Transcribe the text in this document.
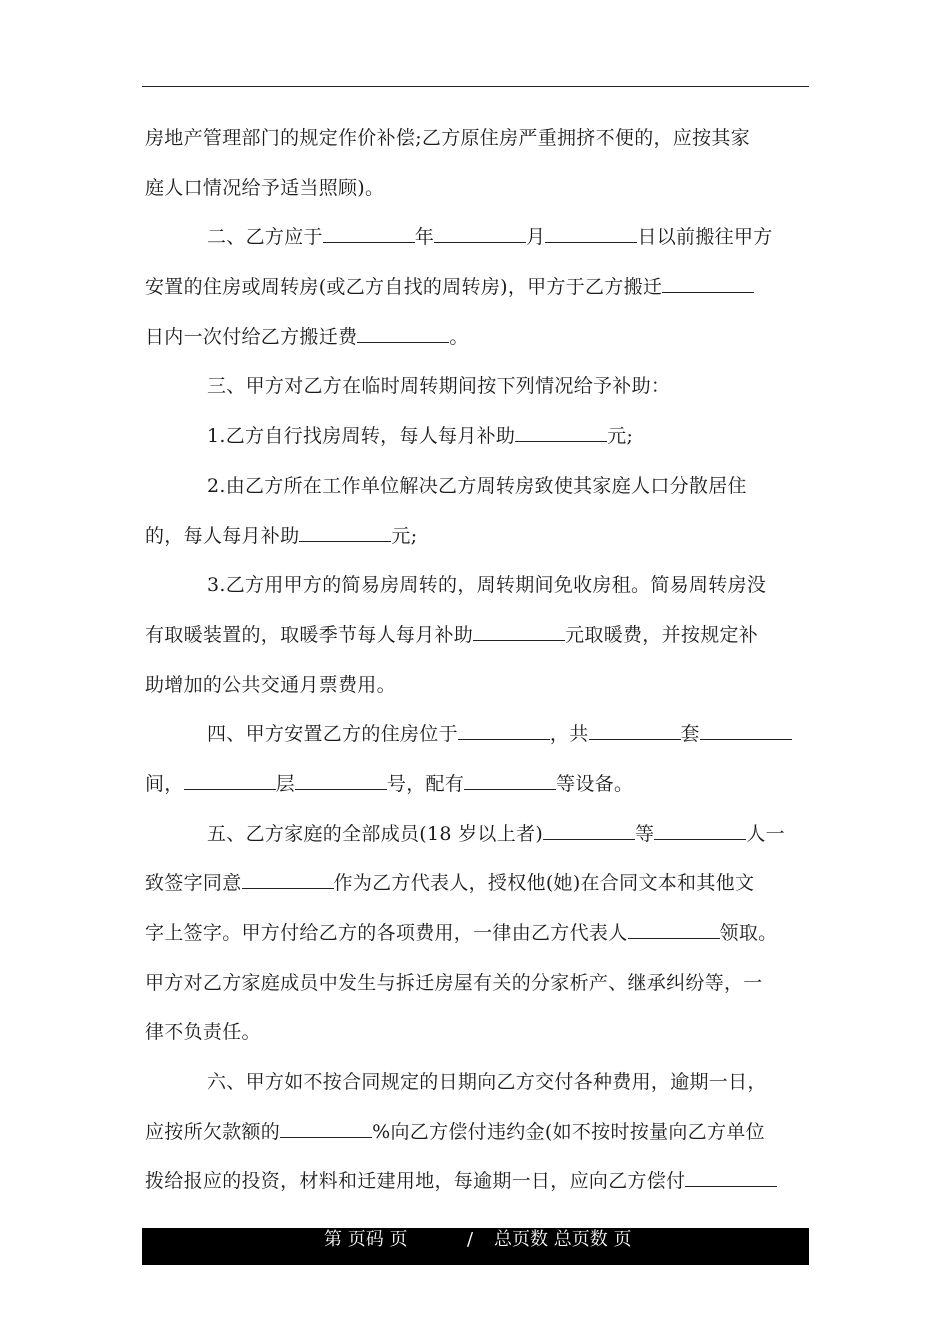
房地产管理部门的规定作价补偿;乙方原住房严重拥挤不便的，应按其家
庭人口情况给予适当照顾)。
二、乙方应于	年	月	日以前搬往甲方
安置的住房或周转房(或乙方自找的周转房)，甲方于乙方搬迁
日内一次付给乙方搬迁费	。
三、甲方对乙方在临时周转期间按下列情况给予补助：
1.乙方自行找房周转，每人每月补助	元;
2.由乙方所在工作单位解决乙方周转房致使其家庭人口分散居住
的，每人每月补助	元;
3.乙方用甲方的简易房周转的，周转期间免收房租。简易周转房没
有取暖装置的，取暖季节每人每月补助	元取暖费，并按规定补
助增加的公共交通月票费用。
四、甲方安置乙方的住房位于	，共	套
间，	层	号，配有	等设备。
五、乙方家庭的全部成员(18 岁以上者)	等	人一
致签字同意	作为乙方代表人，授权他(她)在合同文本和其他文
字上签字。甲方付给乙方的各项费用，一律由乙方代表人	领取。
甲方对乙方家庭成员中发生与拆迁房屋有关的分家析产、继承纠纷等，一
律不负责任。
六、甲方如不按合同规定的日期向乙方交付各种费用，逾期一日，
应按所欠款额的	%向乙方偿付违约金(如不按时按量向乙方单位
拨给报应的投资，材料和迁建用地，每逾期一日，应向乙方偿付
第 页码 页	/ 总页数 总页数 页
